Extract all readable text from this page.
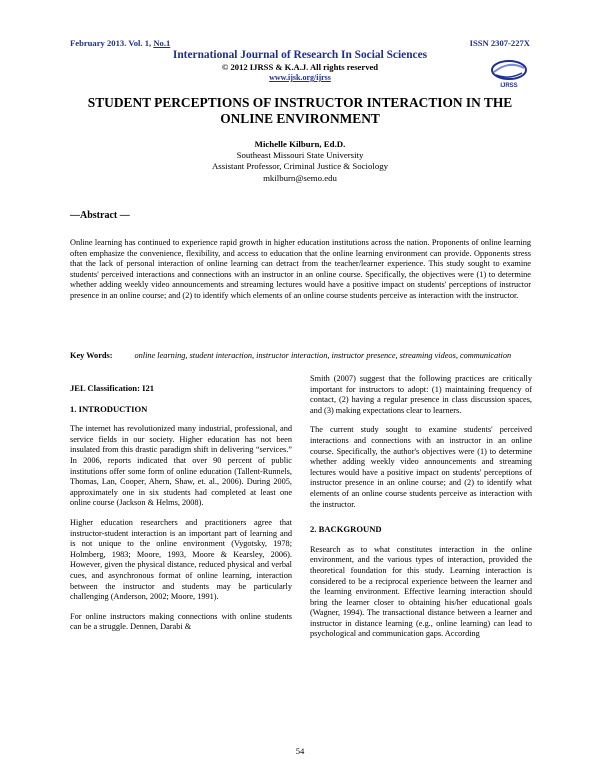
February 2013. Vol. 1, No.1	ISSN 2307-227X
International Journal of Research In Social Sciences
© 2012 IJRSS & K.A.J. All rights reserved
www.ijsk.org/ijrss
IJRSS
STUDENT PERCEPTIONS OF INSTRUCTOR INTERACTION IN THE ONLINE ENVIRONMENT
Michelle Kilburn, Ed.D.
Southeast Missouri State University
Assistant Professor, Criminal Justice & Sociology
mkilburn@semo.edu
—Abstract —
Online learning has continued to experience rapid growth in higher education institutions across the nation. Proponents of online learning often emphasize the convenience, flexibility, and access to education that the online learning environment can provide. Opponents stress that the lack of personal interaction of online learning can detract from the teacher/learner experience. This study sought to examine students' perceived interactions and connections with an instructor in an online course. Specifically, the objectives were (1) to determine whether adding weekly video announcements and streaming lectures would have a positive impact on students' perceptions of instructor presence in an online course; and (2) to identify which elements of an online course students perceive as interaction with the instructor.
Key Words:	online learning, student interaction, instructor interaction, instructor presence, streaming videos, communication
JEL Classification: I21
1. INTRODUCTION

The internet has revolutionized many industrial, professional, and service fields in our society. Higher education has not been insulated from this drastic paradigm shift in delivering “services.” In 2006, reports indicated that over 90 percent of public institutions offer some form of online education (Tallent-Runnels, Thomas, Lan, Cooper, Ahern, Shaw, et. al., 2006). During 2005, approximately one in six students had completed at least one online course (Jackson & Helms, 2008).

Higher education researchers and practitioners agree that instructor-student interaction is an important part of learning and is not unique to the online environment (Vygotsky, 1978; Holmberg, 1983; Moore, 1993, Moore & Kearsley, 2006). However, given the physical distance, reduced physical and verbal cues, and asynchronous format of online learning, interaction between the instructor and students may be particularly challenging (Anderson, 2002; Moore, 1991).

For online instructors making connections with online students can be a struggle. Dennen, Darabi &

Smith (2007) suggest that the following practices are critically important for instructors to adopt: (1) maintaining frequency of contact, (2) having a regular presence in class discussion spaces, and (3) making expectations clear to learners.

The current study sought to examine students' perceived interactions and connections with an instructor in an online course. Specifically, the author's objectives were (1) to determine whether adding weekly video announcements and streaming lectures would have a positive impact on students' perceptions of instructor presence in an online course; and (2) to identify what elements of an online course students perceive as interaction with the instructor.

2. BACKGROUND

Research as to what constitutes interaction in the online environment, and the various types of interaction, provided the theoretical foundation for this study. Learning interaction is considered to be a reciprocal experience between the learner and the learning environment. Effective learning interaction should bring the learner closer to obtaining his/her educational goals (Wagner, 1994). The transactional distance between a learner and instructor in distance learning (e.g., online learning) can lead to psychological and communication gaps. According

54
